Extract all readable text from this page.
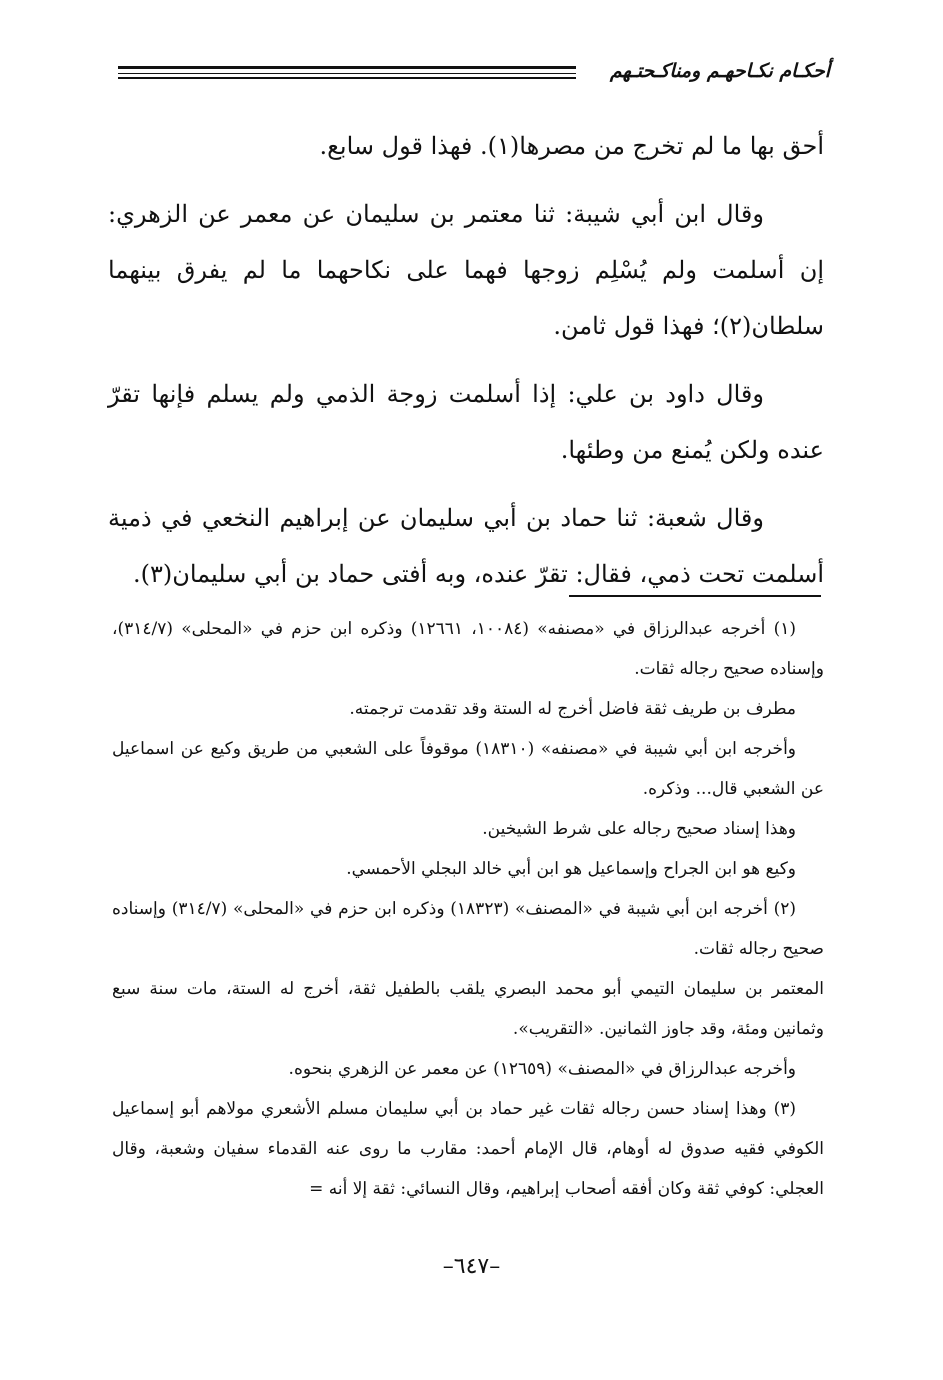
أحكـام نكـاحهـم ومناكـحتـهم

أحق بها ما لم تخرج من مصرها(١). فهذا قول سابع.

وقال ابن أبي شيبة: ثنا معتمر بن سليمان عن معمر عن الزهري: إن أسلمت ولم يُسْلِم زوجها فهما على نكاحهما ما لم يفرق بينهما سلطان(٢)؛ فهذا قول ثامن.

وقال داود بن علي: إذا أسلمت زوجة الذمي ولم يسلم فإنها تقرّ عنده ولكن يُمنع من وطئها.

وقال شعبة: ثنا حماد بن أبي سليمان عن إبراهيم النخعي في ذمية أسلمت تحت ذمي، فقال: تقرّ عنده، وبه أفتى حماد بن أبي سليمان(٣).

(١) أخرجه عبدالرزاق في «مصنفه» (١٠٠٨٤، ١٢٦٦١) وذكره ابن حزم في «المحلى» (٣١٤/٧)، وإسناده صحيح رجاله ثقات.

مطرف بن طريف ثقة فاضل أخرج له الستة وقد تقدمت ترجمته.

وأخرجه ابن أبي شيبة في «مصنفه» (١٨٣١٠) موقوفاً على الشعبي من طريق وكيع عن اسماعيل عن الشعبي قال... وذكره.

وهذا إسناد صحيح رجاله على شرط الشيخين.

وكيع هو ابن الجراح وإسماعيل هو ابن أبي خالد البجلي الأحمسي.

(٢) أخرجه ابن أبي شيبة في «المصنف» (١٨٣٢٣) وذكره ابن حزم في «المحلى» (٣١٤/٧) وإسناده صحيح رجاله ثقات.

المعتمر بن سليمان التيمي أبو محمد البصري يلقب بالطفيل ثقة، أخرج له الستة، مات سنة سبع وثمانين ومئة، وقد جاوز الثمانين. «التقريب».

وأخرجه عبدالرزاق في «المصنف» (١٢٦٥٩) عن معمر عن الزهري بنحوه.

(٣) وهذا إسناد حسن رجاله ثقات غير حماد بن أبي سليمان مسلم الأشعري مولاهم أبو إسماعيل الكوفي فقيه صدوق له أوهام، قال الإمام أحمد: مقارب ما روى عنه القدماء سفيان وشعبة، وقال العجلي: كوفي ثقة وكان أفقه أصحاب إبراهيم، وقال النسائي: ثقة إلا أنه =

–٦٤٧–
